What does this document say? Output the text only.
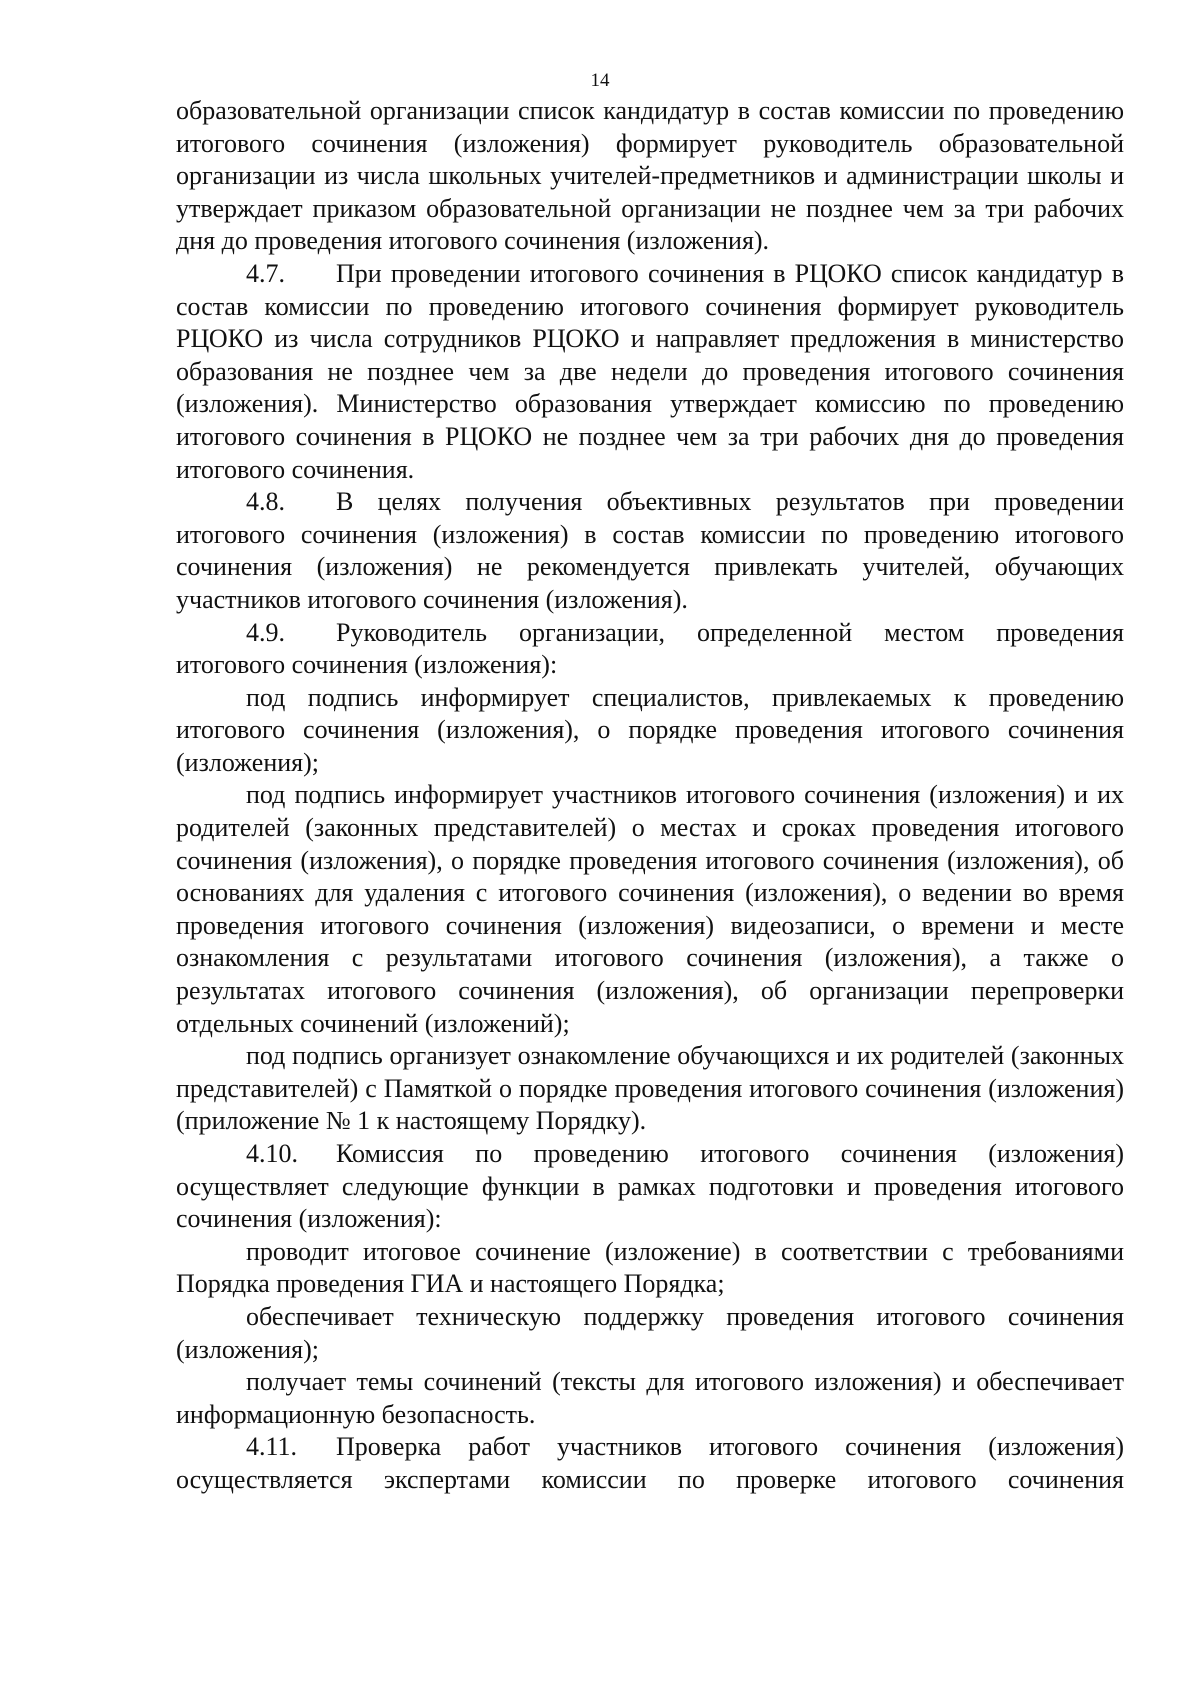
14

образовательной организации список кандидатур в состав комиссии по проведению итогового сочинения (изложения) формирует руководитель образовательной организации из числа школьных учителей-предметников и администрации школы и утверждает приказом образовательной организации не позднее чем за три рабочих дня до проведения итогового сочинения (изложения).

4.7. При проведении итогового сочинения в РЦОКО список кандидатур в состав комиссии по проведению итогового сочинения формирует руководитель РЦОКО из числа сотрудников РЦОКО и направляет предложения в министерство образования не позднее чем за две недели до проведения итогового сочинения (изложения). Министерство образования утверждает комиссию по проведению итогового сочинения в РЦОКО не позднее чем за три рабочих дня до проведения итогового сочинения.

4.8. В целях получения объективных результатов при проведении итогового сочинения (изложения) в состав комиссии по проведению итогового сочинения (изложения) не рекомендуется привлекать учителей, обучающих участников итогового сочинения (изложения).

4.9. Руководитель организации, определенной местом проведения итогового сочинения (изложения):

под подпись информирует специалистов, привлекаемых к проведению итогового сочинения (изложения), о порядке проведения итогового сочинения (изложения);

под подпись информирует участников итогового сочинения (изложения) и их родителей (законных представителей) о местах и сроках проведения итогового сочинения (изложения), о порядке проведения итогового сочинения (изложения), об основаниях для удаления с итогового сочинения (изложения), о ведении во время проведения итогового сочинения (изложения) видеозаписи, о времени и месте ознакомления с результатами итогового сочинения (изложения), а также о результатах итогового сочинения (изложения), об организации перепроверки отдельных сочинений (изложений);

под подпись организует ознакомление обучающихся и их родителей (законных представителей) с Памяткой о порядке проведения итогового сочинения (изложения) (приложение № 1 к настоящему Порядку).

4.10. Комиссия по проведению итогового сочинения (изложения) осуществляет следующие функции в рамках подготовки и проведения итогового сочинения (изложения):

проводит итоговое сочинение (изложение) в соответствии с требованиями Порядка проведения ГИА и настоящего Порядка;

обеспечивает техническую поддержку проведения итогового сочинения (изложения);

получает темы сочинений (тексты для итогового изложения) и обеспечивает информационную безопасность.

4.11. Проверка работ участников итогового сочинения (изложения) осуществляется экспертами комиссии по проверке итогового сочинения
